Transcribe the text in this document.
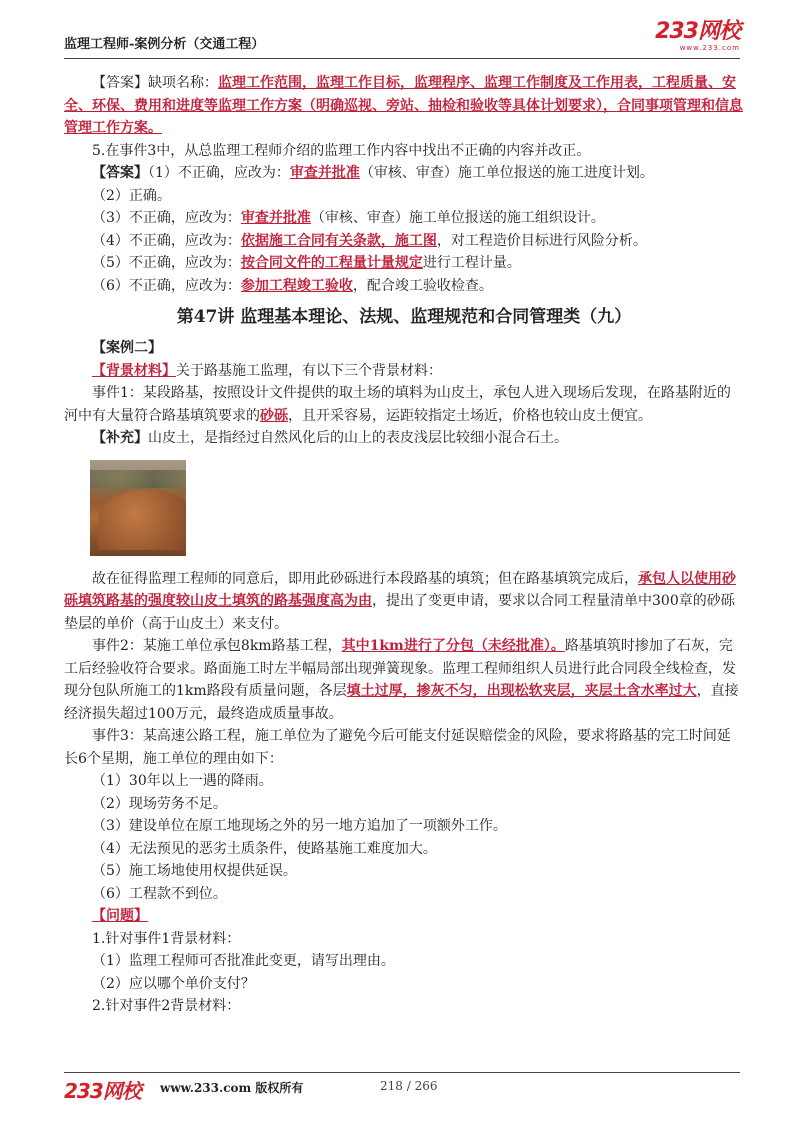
监理工程师-案例分析（交通工程）
233网校
www.233.com

【答案】缺项名称：监理工作范围，监理工作目标，监理程序、监理工作制度及工作用表，工程质量、安全、环保、费用和进度等监理工作方案（明确巡视、旁站、抽检和验收等具体计划要求），合同事项管理和信息管理工作方案。

5.在事件3中，从总监理工程师介绍的监理工作内容中找出不正确的内容并改正。

【答案】（1）不正确，应改为：审查并批准（审核、审查）施工单位报送的施工进度计划。

（2）正确。

（3）不正确，应改为：审查并批准（审核、审查）施工单位报送的施工组织设计。

（4）不正确，应改为：依据施工合同有关条款，施工图，对工程造价目标进行风险分析。

（5）不正确，应改为：按合同文件的工程量计量规定进行工程计量。

（6）不正确，应改为：参加工程竣工验收，配合竣工验收检查。

第47讲 监理基本理论、法规、监理规范和合同管理类（九）

【案例二】

【背景材料】关于路基施工监理，有以下三个背景材料：

事件1：某段路基，按照设计文件提供的取土场的填料为山皮土，承包人进入现场后发现，在路基附近的河中有大量符合路基填筑要求的砂砾，且开采容易，运距较指定土场近，价格也较山皮土便宜。

【补充】山皮土，是指经过自然风化后的山上的表皮浅层比较细小混合石土。

故在征得监理工程师的同意后，即用此砂砾进行本段路基的填筑；但在路基填筑完成后，承包人以使用砂砾填筑路基的强度较山皮土填筑的路基强度高为由，提出了变更申请，要求以合同工程量清单中300章的砂砾垫层的单价（高于山皮土）来支付。

事件2：某施工单位承包8km路基工程，其中1km进行了分包（未经批准）。路基填筑时掺加了石灰，完工后经验收符合要求。路面施工时左半幅局部出现弹簧现象。监理工程师组织人员进行此合同段全线检查，发现分包队所施工的1km路段有质量问题，各层填土过厚，掺灰不匀，出现松软夹层，夹层土含水率过大，直接经济损失超过100万元，最终造成质量事故。

事件3：某高速公路工程，施工单位为了避免今后可能支付延误赔偿金的风险，要求将路基的完工时间延长6个星期，施工单位的理由如下：

（1）30年以上一遇的降雨。

（2）现场劳务不足。

（3）建设单位在原工地现场之外的另一地方追加了一项额外工作。

（4）无法预见的恶劣土质条件，使路基施工难度加大。

（5）施工场地使用权提供延误。

（6）工程款不到位。

【问题】

1.针对事件1背景材料：

（1）监理工程师可否批准此变更，请写出理由。

（2）应以哪个单价支付？

2.针对事件2背景材料：

233网校 www.233.com 版权所有	218 / 266
